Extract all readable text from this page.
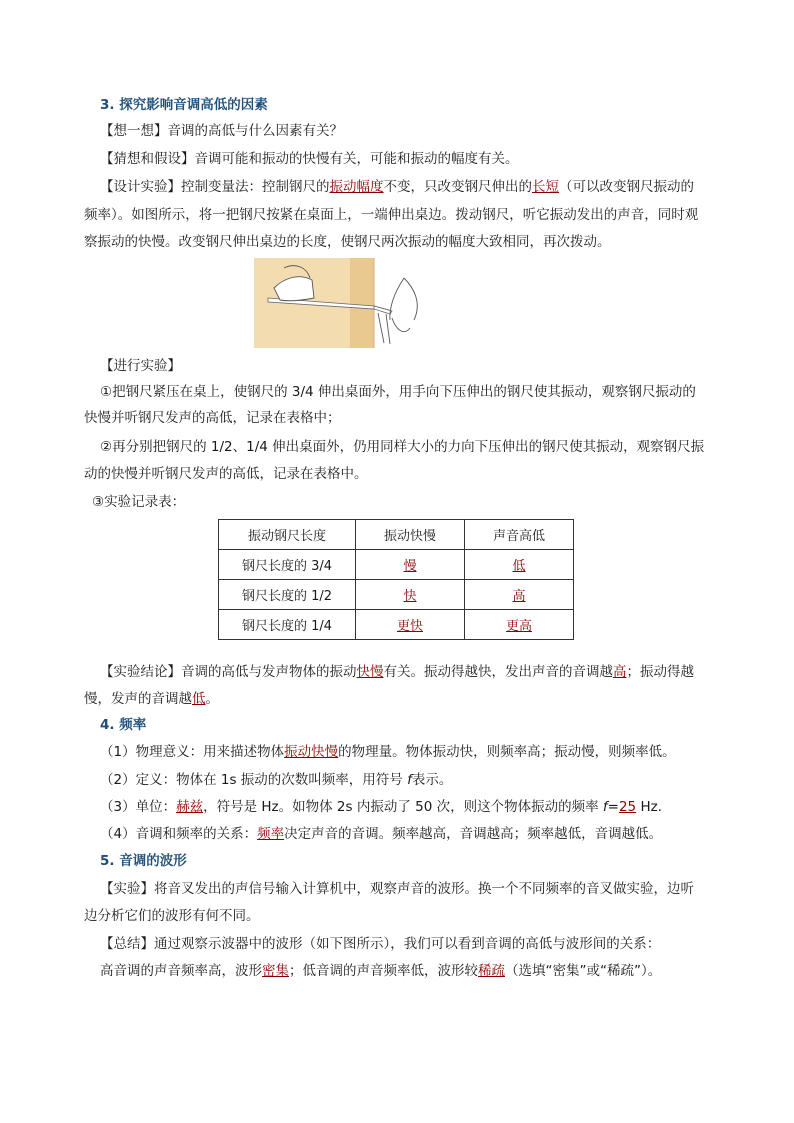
3. 探究影响音调高低的因素
【想一想】音调的高低与什么因素有关？
【猜想和假设】音调可能和振动的快慢有关，可能和振动的幅度有关。
【设计实验】控制变量法：控制钢尺的振动幅度不变，只改变钢尺伸出的长短（可以改变钢尺振动的
频率）。如图所示，将一把钢尺按紧在桌面上，一端伸出桌边。拨动钢尺，听它振动发出的声音，同时观
察振动的快慢。改变钢尺伸出桌边的长度，使钢尺两次振动的幅度大致相同，再次拨动。
【进行实验】
①把钢尺紧压在桌上，使钢尺的 3/4 伸出桌面外，用手向下压伸出的钢尺使其振动，观察钢尺振动的
快慢并听钢尺发声的高低，记录在表格中；
②再分别把钢尺的 1/2、1/4 伸出桌面外，仍用同样大小的力向下压伸出的钢尺使其振动，观察钢尺振
动的快慢并听钢尺发声的高低，记录在表格中。
③实验记录表：
振动钢尺长度	振动快慢	声音高低
钢尺长度的 3/4	慢	低
钢尺长度的 1/2	快	高
钢尺长度的 1/4	更快	更高
【实验结论】音调的高低与发声物体的振动快慢有关。振动得越快，发出声音的音调越高；振动得越
慢，发声的音调越低。
4. 频率
（1）物理意义：用来描述物体振动快慢的物理量。物体振动快，则频率高；振动慢，则频率低。
（2）定义：物体在 1s 振动的次数叫频率，用符号 f表示。
（3）单位：赫兹，符号是 Hz。如物体 2s 内振动了 50 次，则这个物体振动的频率 f=25 Hz.
（4）音调和频率的关系：频率决定声音的音调。频率越高，音调越高；频率越低，音调越低。
5. 音调的波形
【实验】将音叉发出的声信号输入计算机中，观察声音的波形。换一个不同频率的音叉做实验，边听
边分析它们的波形有何不同。
【总结】通过观察示波器中的波形（如下图所示），我们可以看到音调的高低与波形间的关系：
高音调的声音频率高，波形密集；低音调的声音频率低，波形较稀疏（选填“密集”或“稀疏”）。
